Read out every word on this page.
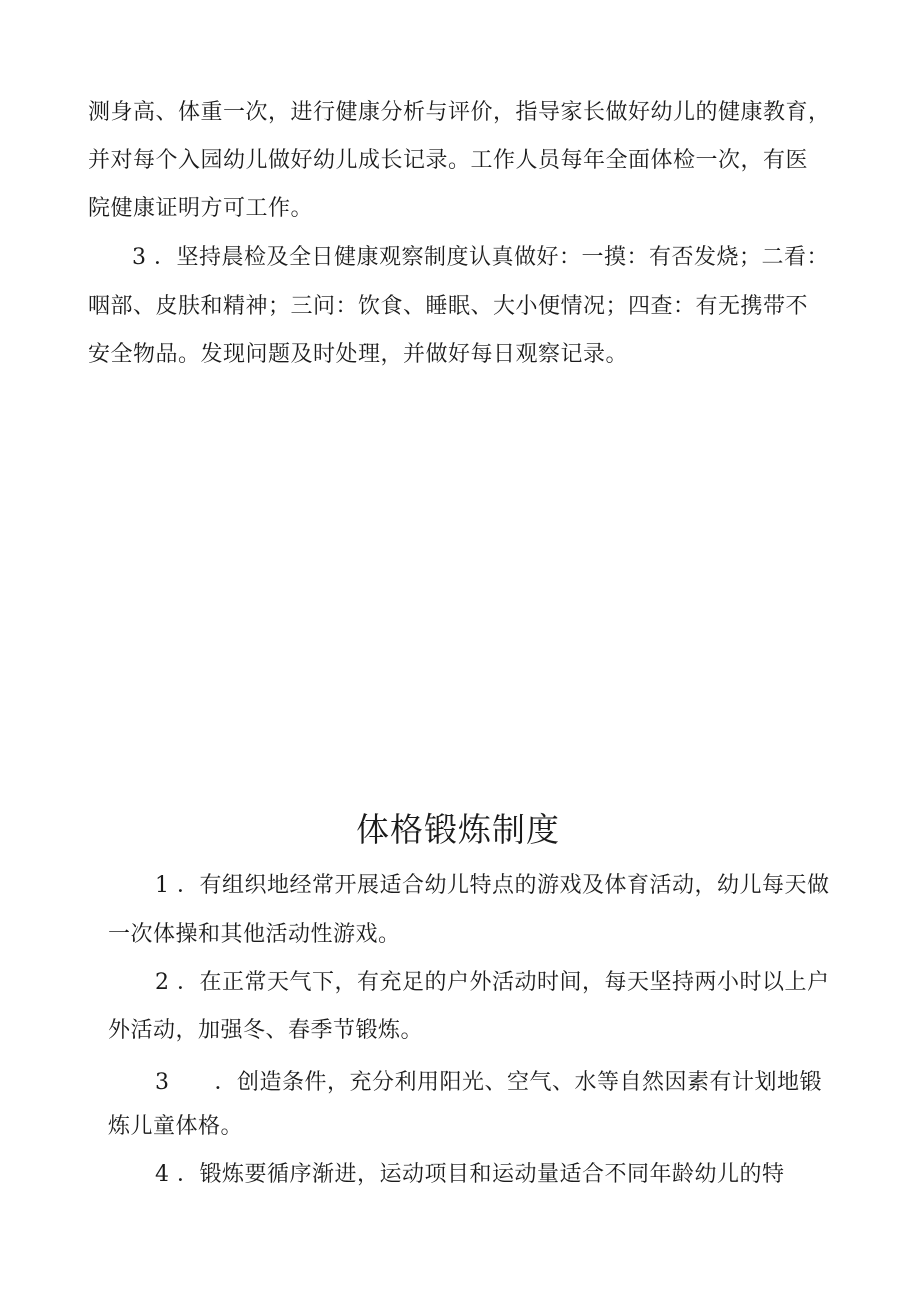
测身高、体重一次，进行健康分析与评价，指导家长做好幼儿的健康教育，
并对每个入园幼儿做好幼儿成长记录。工作人员每年全面体检一次，有医
院健康证明方可工作。
3 ．坚持晨检及全日健康观察制度认真做好：一摸：有否发烧；二看：
咽部、皮肤和精神；三问：饮食、睡眠、大小便情况；四查：有无携带不
安全物品。发现问题及时处理，并做好每日观察记录。
体格锻炼制度
1 ．有组织地经常开展适合幼儿特点的游戏及体育活动，幼儿每天做
一次体操和其他活动性游戏。
2 ．在正常天气下，有充足的户外活动时间，每天坚持两小时以上户
外活动，加强冬、春季节锻炼。
3　　．创造条件，充分利用阳光、空气、水等自然因素有计划地锻
炼儿童体格。
4 ．锻炼要循序渐进，运动项目和运动量适合不同年龄幼儿的特
